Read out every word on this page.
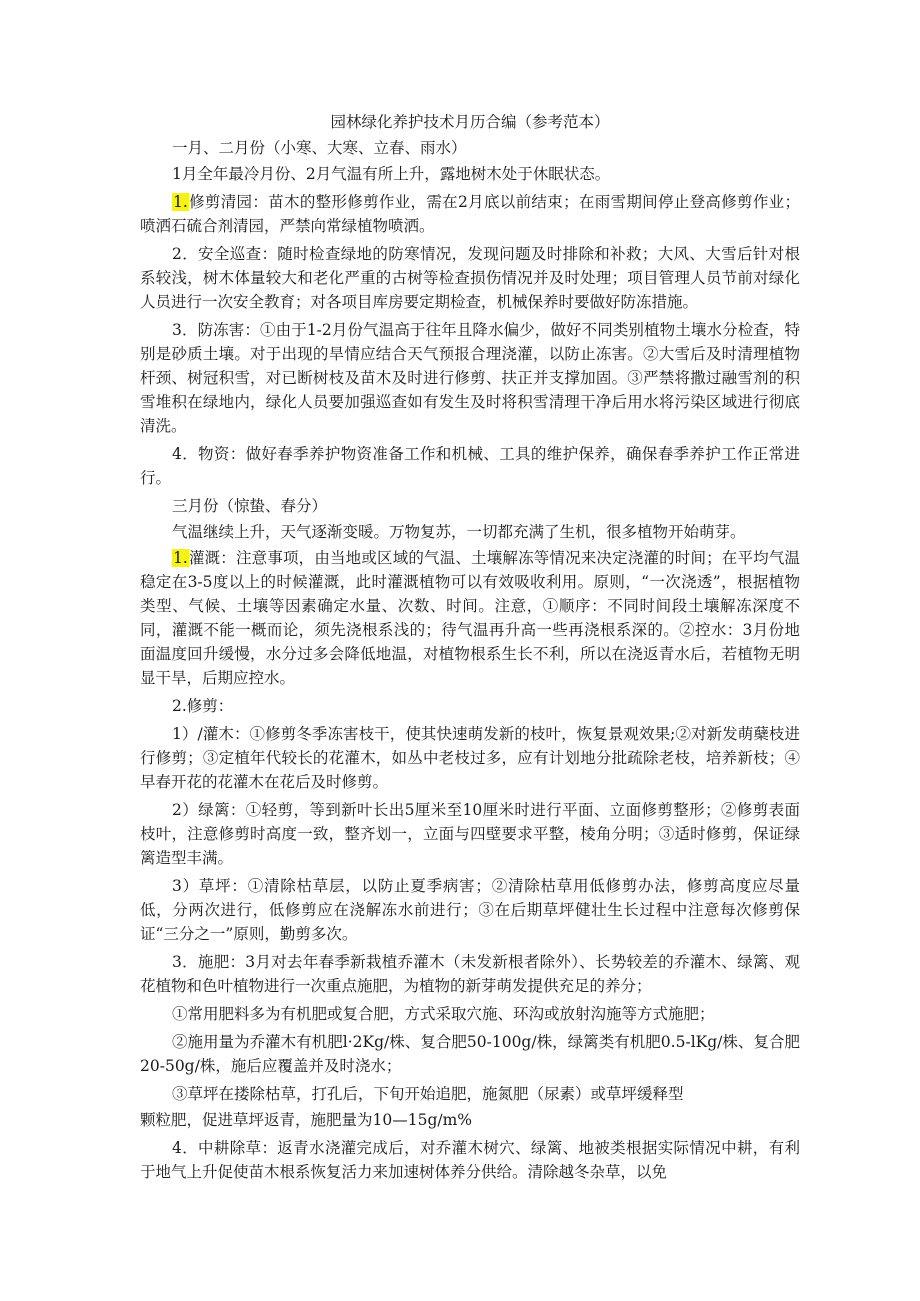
园林绿化养护技术月历合编（参考范本）

一月、二月份（小寒、大寒、立春、雨水）

1月全年最冷月份、2月气温有所上升，露地树木处于休眠状态。

1.修剪清园：苗木的整形修剪作业，需在2月底以前结束；在雨雪期间停止登高修剪作业；喷洒石硫合剂清园，严禁向常绿植物喷洒。

2．安全巡查：随时检查绿地的防寒情况，发现问题及时排除和补救；大风、大雪后针对根系较浅，树木体量较大和老化严重的古树等检查损伤情况并及时处理；项目管理人员节前对绿化人员进行一次安全教育；对各项目库房要定期检查，机械保养时要做好防冻措施。

3．防冻害：①由于1-2月份气温高于往年且降水偏少，做好不同类别植物土壤水分检查，特别是砂质土壤。对于出现的旱情应结合天气预报合理浇灌，以防止冻害。②大雪后及时清理植物杆颈、树冠积雪，对已断树枝及苗木及时进行修剪、扶正并支撑加固。③严禁将撒过融雪剂的积雪堆积在绿地内，绿化人员要加强巡查如有发生及时将积雪清理干净后用水将污染区域进行彻底清洗。

4．物资：做好春季养护物资准备工作和机械、工具的维护保养，确保春季养护工作正常进行。

三月份（惊蛰、春分）

气温继续上升，天气逐渐变暖。万物复苏，一切都充满了生机，很多植物开始萌芽。

1.灌溉：注意事项，由当地或区域的气温、土壤解冻等情况来决定浇灌的时间；在平均气温稳定在3-5度以上的时候灌溉，此时灌溉植物可以有效吸收利用。原则，“一次浇透”，根据植物类型、气候、土壤等因素确定水量、次数、时间。注意，①顺序：不同时间段土壤解冻深度不同，灌溉不能一概而论，须先浇根系浅的；待气温再升高一些再浇根系深的。②控水：3月份地面温度回升缓慢，水分过多会降低地温，对植物根系生长不利，所以在浇返青水后，若植物无明显干旱，后期应控水。

2.修剪：

1）/灌木：①修剪冬季冻害枝干，使其快速萌发新的枝叶，恢复景观效果;②对新发萌蘖枝进行修剪；③定植年代较长的花灌木，如丛中老枝过多，应有计划地分批疏除老枝，培养新枝；④早春开花的花灌木在花后及时修剪。

2）绿篱：①轻剪，等到新叶长出5厘米至10厘米时进行平面、立面修剪整形；②修剪表面枝叶，注意修剪时高度一致，整齐划一，立面与四壁要求平整，棱角分明；③适时修剪，保证绿篱造型丰满。

3）草坪：①清除枯草层，以防止夏季病害；②清除枯草用低修剪办法，修剪高度应尽量低，分两次进行，低修剪应在浇解冻水前进行；③在后期草坪健壮生长过程中注意每次修剪保证“三分之一”原则，勤剪多次。

3．施肥：3月对去年春季新栽植乔灌木（未发新根者除外）、长势较差的乔灌木、绿篱、观花植物和色叶植物进行一次重点施肥，为植物的新芽萌发提供充足的养分；

①常用肥料多为有机肥或复合肥，方式采取穴施、环沟或放射沟施等方式施肥；

②施用量为乔灌木有机肥l·2Kg∕株、复合肥50-100g∕株，绿篱类有机肥0.5-lKg∕株、复合肥20-50g∕株，施后应覆盖并及时浇水；

③草坪在搂除枯草，打孔后，下旬开始追肥，施氮肥（尿素）或草坪缓释型

颗粒肥，促进草坪返青，施肥量为10—15g∕m%

4．中耕除草：返青水浇灌完成后，对乔灌木树穴、绿篱、地被类根据实际情况中耕，有利于地气上升促使苗木根系恢复活力来加速树体养分供给。清除越冬杂草，以免
